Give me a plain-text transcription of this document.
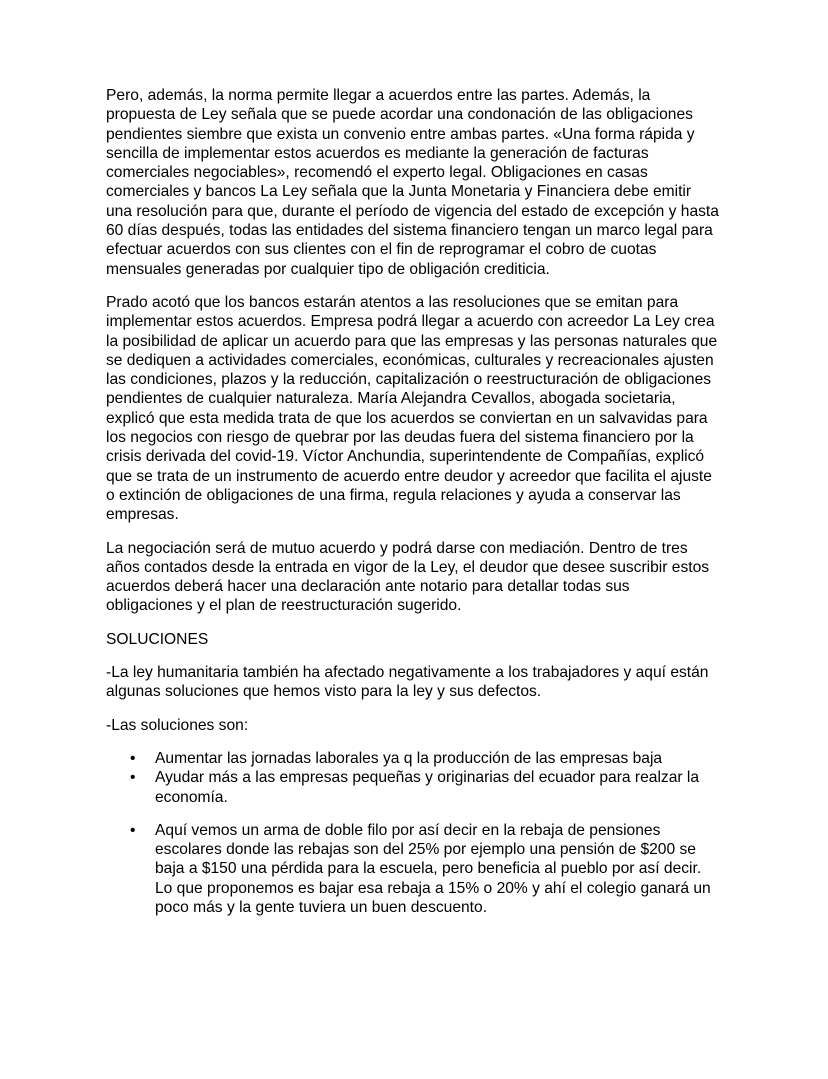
Pero, además, la norma permite llegar a acuerdos entre las partes. Además, la propuesta de Ley señala que se puede acordar una condonación de las obligaciones pendientes siembre que exista un convenio entre ambas partes. «Una forma rápida y sencilla de implementar estos acuerdos es mediante la generación de facturas comerciales negociables», recomendó el experto legal. Obligaciones en casas comerciales y bancos La Ley señala que la Junta Monetaria y Financiera debe emitir una resolución para que, durante el período de vigencia del estado de excepción y hasta 60 días después, todas las entidades del sistema financiero tengan un marco legal para efectuar acuerdos con sus clientes con el fin de reprogramar el cobro de cuotas mensuales generadas por cualquier tipo de obligación crediticia.

Prado acotó que los bancos estarán atentos a las resoluciones que se emitan para implementar estos acuerdos. Empresa podrá llegar a acuerdo con acreedor La Ley crea la posibilidad de aplicar un acuerdo para que las empresas y las personas naturales que se dediquen a actividades comerciales, económicas, culturales y recreacionales ajusten las condiciones, plazos y la reducción, capitalización o reestructuración de obligaciones pendientes de cualquier naturaleza. María Alejandra Cevallos, abogada societaria, explicó que esta medida trata de que los acuerdos se conviertan en un salvavidas para los negocios con riesgo de quebrar por las deudas fuera del sistema financiero por la crisis derivada del covid-19. Víctor Anchundia, superintendente de Compañías, explicó que se trata de un instrumento de acuerdo entre deudor y acreedor que facilita el ajuste o extinción de obligaciones de una firma, regula relaciones y ayuda a conservar las empresas.

La negociación será de mutuo acuerdo y podrá darse con mediación. Dentro de tres años contados desde la entrada en vigor de la Ley, el deudor que desee suscribir estos acuerdos deberá hacer una declaración ante notario para detallar todas sus obligaciones y el plan de reestructuración sugerido.

SOLUCIONES

-La ley humanitaria también ha afectado negativamente a los trabajadores y aquí están algunas soluciones que hemos visto para la ley y sus defectos.

-Las soluciones son:

• Aumentar las jornadas laborales ya q la producción de las empresas baja
• Ayudar más a las empresas pequeñas y originarias del ecuador para realzar la economía.
• Aquí vemos un arma de doble filo por así decir en la rebaja de pensiones escolares donde las rebajas son del 25% por ejemplo una pensión de $200 se baja a $150 una pérdida para la escuela, pero beneficia al pueblo por así decir. Lo que proponemos es bajar esa rebaja a 15% o 20% y ahí el colegio ganará un poco más y la gente tuviera un buen descuento.
